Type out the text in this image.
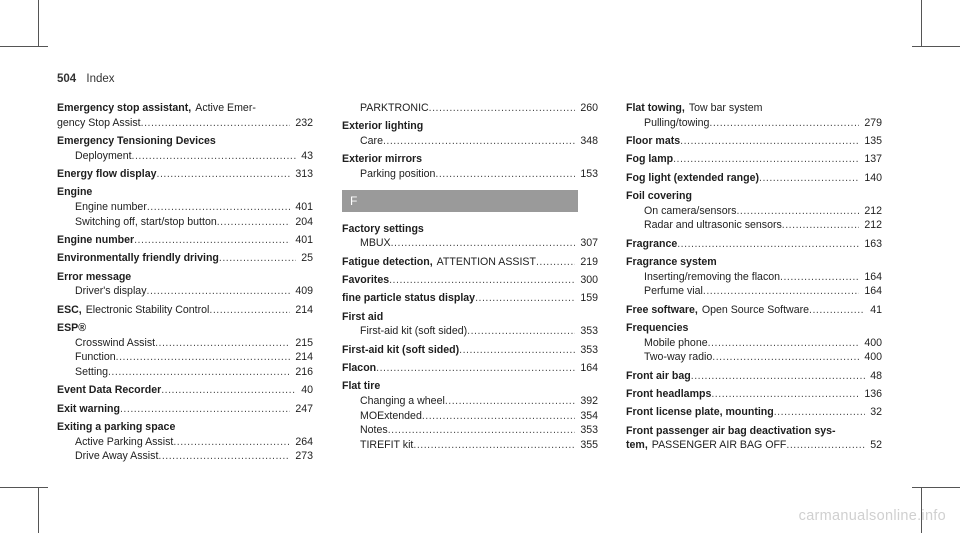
504 Index
Emergency stop assistant, Active Emer-
gency Stop Assist .....	232
Emergency Tensioning Devices
Deployment .....	43
Energy flow display .....	313
Engine
Engine number .....	401
Switching off, start/stop button .....	204
Engine number .....	401
Environmentally friendly driving .....	25
Error message
Driver's display .....	409
ESC, Electronic Stability Control .....	214
ESP®
Crosswind Assist .....	215
Function .....	214
Setting .....	216
Event Data Recorder .....	40
Exit warning .....	247
Exiting a parking space
Active Parking Assist .....	264
Drive Away Assist .....	273
PARKTRONIC .....	260
Exterior lighting
Care .....	348
Exterior mirrors
Parking position .....	153
F
Factory settings
MBUX .....	307
Fatigue detection, ATTENTION ASSIST .....	219
Favorites .....	300
fine particle status display .....	159
First aid
First-aid kit (soft sided) .....	353
First-aid kit (soft sided) .....	353
Flacon .....	164
Flat tire
Changing a wheel .....	392
MOExtended .....	354
Notes .....	353
TIREFIT kit .....	355
Flat towing, Tow bar system
Pulling/towing .....	279
Floor mats .....	135
Fog lamp .....	137
Fog light (extended range) .....	140
Foil covering
On camera/sensors .....	212
Radar and ultrasonic sensors .....	212
Fragrance .....	163
Fragrance system
Inserting/removing the flacon .....	164
Perfume vial .....	164
Free software, Open Source Software .....	41
Frequencies
Mobile phone .....	400
Two-way radio .....	400
Front air bag .....	48
Front headlamps .....	136
Front license plate, mounting .....	32
Front passenger air bag deactivation sys-
tem, PASSENGER AIR BAG OFF .....	52
carmanualsonline.info
